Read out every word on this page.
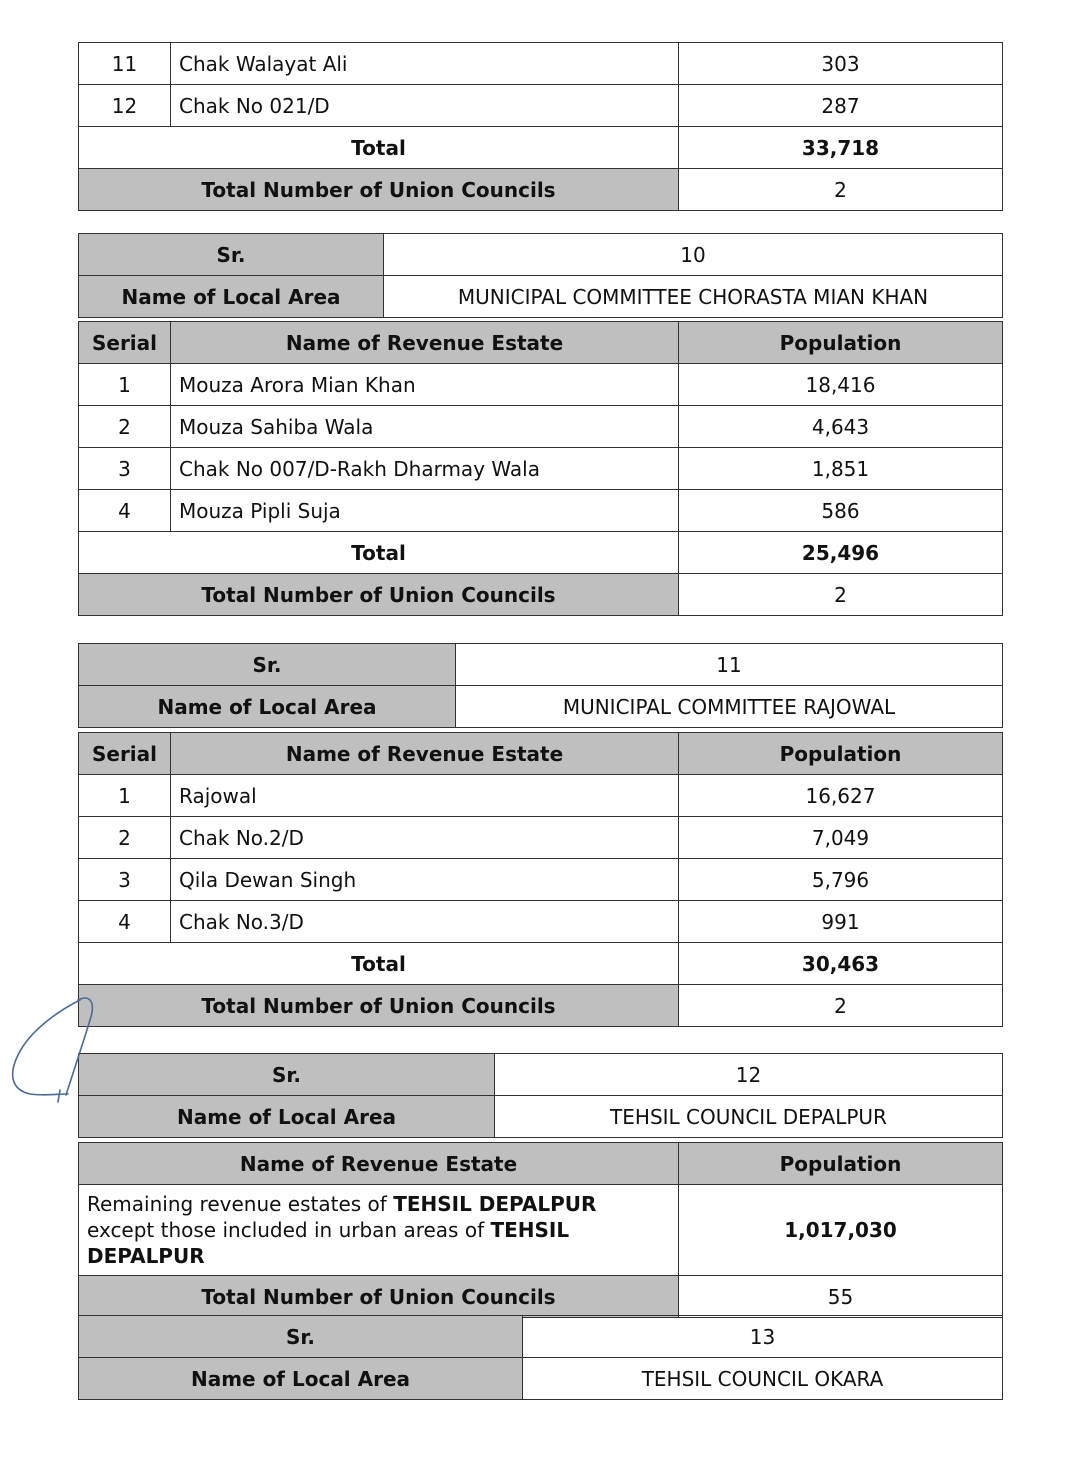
11	Chak Walayat Ali	303
12	Chak No 021/D	287
Total		33,718
Total Number of Union Councils		2
Sr.	10
Name of Local Area	MUNICIPAL COMMITTEE CHORASTA MIAN KHAN
Serial	Name of Revenue Estate	Population
1	Mouza Arora Mian Khan	18,416
2	Mouza Sahiba Wala	4,643
3	Chak No 007/D-Rakh Dharmay Wala	1,851
4	Mouza Pipli Suja	586
Total		25,496
Total Number of Union Councils		2
Sr.	11
Name of Local Area	MUNICIPAL COMMITTEE RAJOWAL
Serial	Name of Revenue Estate	Population
1	Rajowal	16,627
2	Chak No.2/D	7,049
3	Qila Dewan Singh	5,796
4	Chak No.3/D	991
Total		30,463
Total Number of Union Councils		2
Sr.	12
Name of Local Area	TEHSIL COUNCIL DEPALPUR
Name of Revenue Estate	Population
Remaining revenue estates of TEHSIL DEPALPUR except those included in urban areas of TEHSIL DEPALPUR	1,017,030
Total Number of Union Councils	55
Sr.	13
Name of Local Area	TEHSIL COUNCIL OKARA
